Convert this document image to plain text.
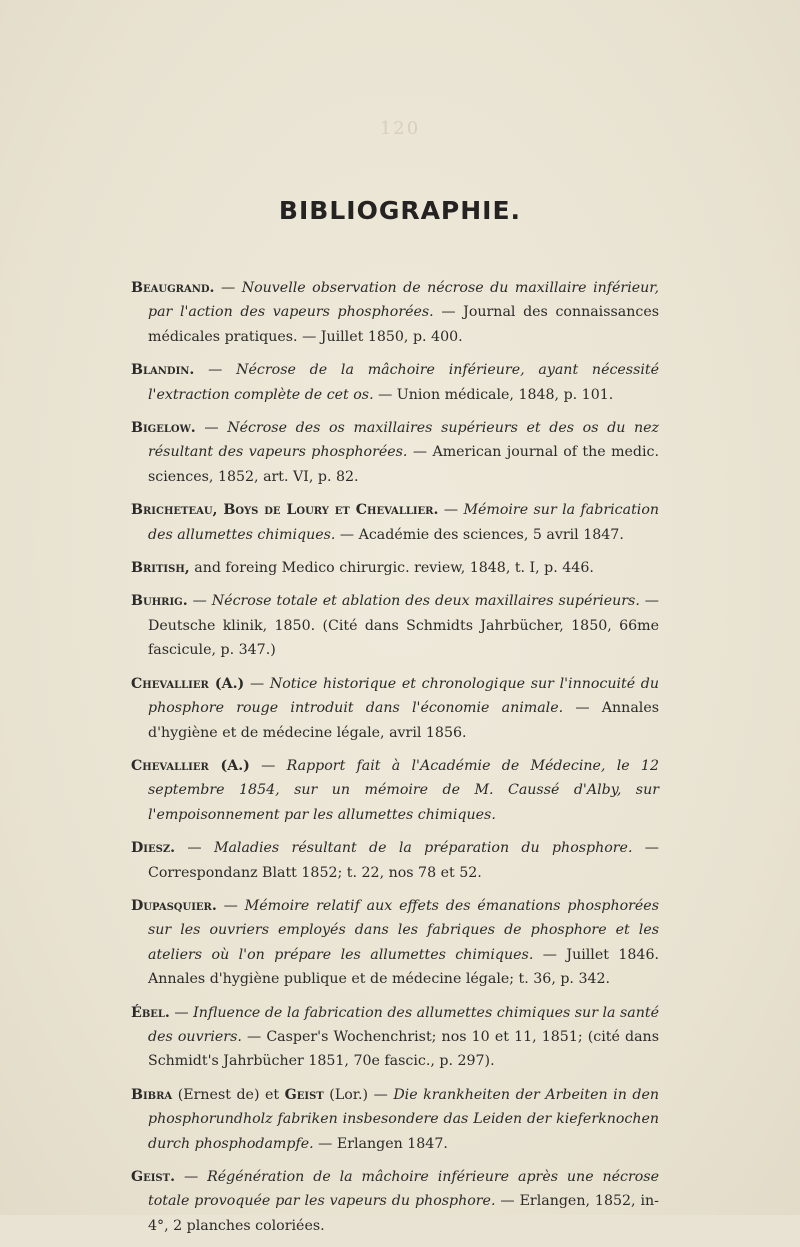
120
BIBLIOGRAPHIE.

Beaugrand. — Nouvelle observation de nécrose du maxillaire inférieur, par l'action des vapeurs phosphorées. — Journal des connaissances médicales pratiques. — Juillet 1850, p. 400.

Blandin. — Nécrose de la mâchoire inférieure, ayant nécessité l'extraction complète de cet os. — Union médicale, 1848, p. 101.

Bigelow. — Nécrose des os maxillaires supérieurs et des os du nez résultant des vapeurs phosphorées. — American journal of the medic. sciences, 1852, art. VI, p. 82.

Bricheteau, Boys de Loury et Chevallier. — Mémoire sur la fabrication des allumettes chimiques. — Académie des sciences, 5 avril 1847.

British, and foreing Medico chirurgic. review, 1848, t. I, p. 446.

Buhrig. — Nécrose totale et ablation des deux maxillaires supérieurs. — Deutsche klinik, 1850. (Cité dans Schmidts Jahrbücher, 1850, 66me fascicule, p. 347.)

Chevallier (A.) — Notice historique et chronologique sur l'innocuité du phosphore rouge introduit dans l'économie animale. — Annales d'hygiène et de médecine légale, avril 1856.

Chevallier (A.) — Rapport fait à l'Académie de Médecine, le 12 septembre 1854, sur un mémoire de M. Caussé d'Alby, sur l'empoisonnement par les allumettes chimiques.

Diesz. — Maladies résultant de la préparation du phosphore. — Correspondanz Blatt 1852; t. 22, nos 78 et 52.

Dupasquier. — Mémoire relatif aux effets des émanations phosphorées sur les ouvriers employés dans les fabriques de phosphore et les ateliers où l'on prépare les allumettes chimiques. — Juillet 1846. Annales d'hygiène publique et de médecine légale; t. 36, p. 342.

Ébel. — Influence de la fabrication des allumettes chimiques sur la santé des ouvriers. — Casper's Wochenchrist; nos 10 et 11, 1851; (cité dans Schmidt's Jahrbücher 1851, 70e fascic., p. 297).

Bibra (Ernest de) et Geist (Lor.) — Die krankheiten der Arbeiten in den phosphorundholz fabriken insbesondere das Leiden der kieferknochen durch phosphodampfe. — Erlangen 1847.

Geist. — Régénération de la mâchoire inférieure après une nécrose totale provoquée par les vapeurs du phosphore. — Erlangen, 1852, in-4°, 2 planches coloriées.
